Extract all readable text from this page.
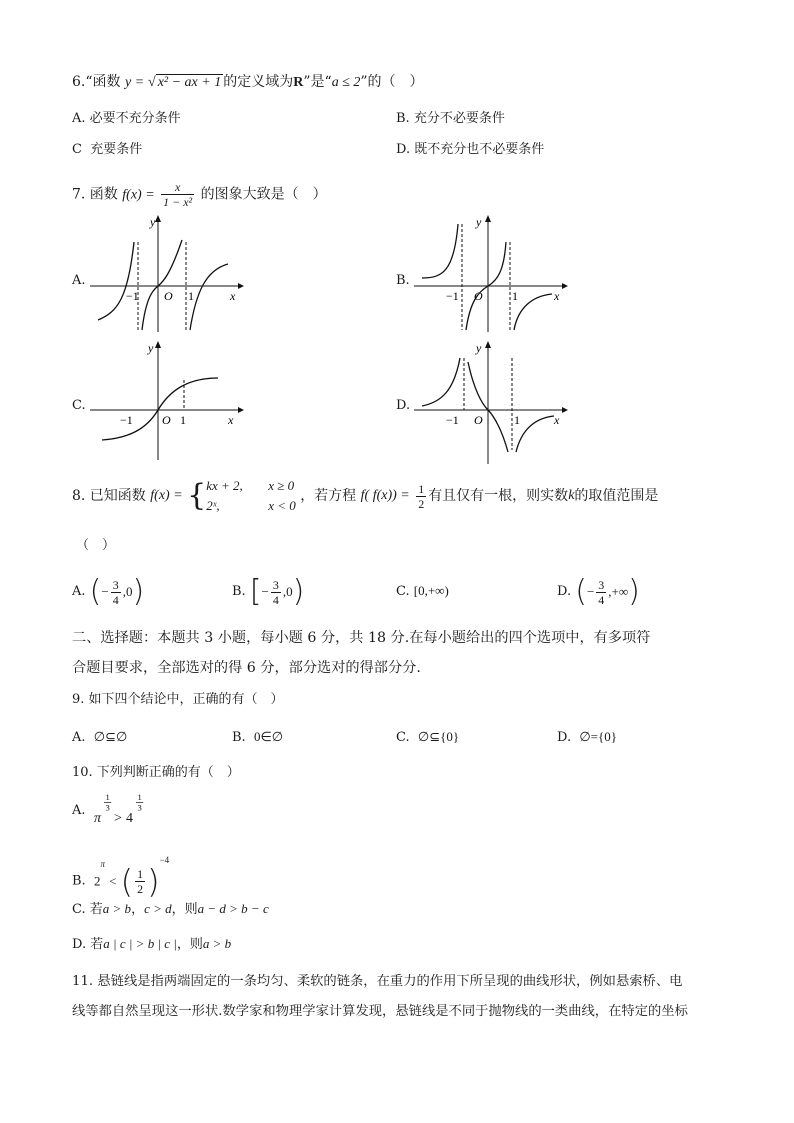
6.“函数 y = √ x² − ax + 1 的定义域为R”是“a ≤ 2”的（　）
A. 必要不充分条件	B. 充分不必要条件
C 充要条件	D. 既不充分也不必要条件
7. 函数 $f(x) = \frac{x}{\text{1 − x²}}$ 的图象大致是（　）
A.
y
x
O
−1	1
B.
y
x
O
−1	1
C.
y
x
O
−1	1
D.
y
x
O
−1	1
8. 已知函数 f(x) = { kx + 2, x ≥ 0
2ˣ,	x < 0
，若方程 f( $f(x)) = \frac{1}{2}$ 有且仅有一根，则实数k的取值范围是
（　）
A. (− $\frac{3}{4} ,0$)	B. [− $\frac{3}{4} ,0$)	C. [0,+∞)	D. (− $\frac{3}{4}$ ,+∞)
二、选择题：本题共 3 小题，每小题 6 分，共 18 分.在每小题给出的四个选项中，有多项符
合题目要求，全部选对的得 6 分，部分选对的得部分分.
9. 如下四个结论中，正确的有（　）
A. ∅⊆∅	B. 0∈∅	C. ∅⊆{0}	D. ∅={0}
10. 下列判断正确的有（　）
A.
π
$\frac{1}{3}$
> 4
$\frac{1}{3}$
B. $2^\pi$ < ( $\frac{1}{2} )^{-4}$
C. 若a > b，c > d，则a − d > b − c
D. 若a | c | > b | c |，则a > b
11. 悬链线是指两端固定的一条均匀、柔软的链条，在重力的作用下所呈现的曲线形状，例如悬索桥、电
线等都自然呈现这一形状.数学家和物理学家计算发现，悬链线是不同于抛物线的一类曲线，在特定的坐标
